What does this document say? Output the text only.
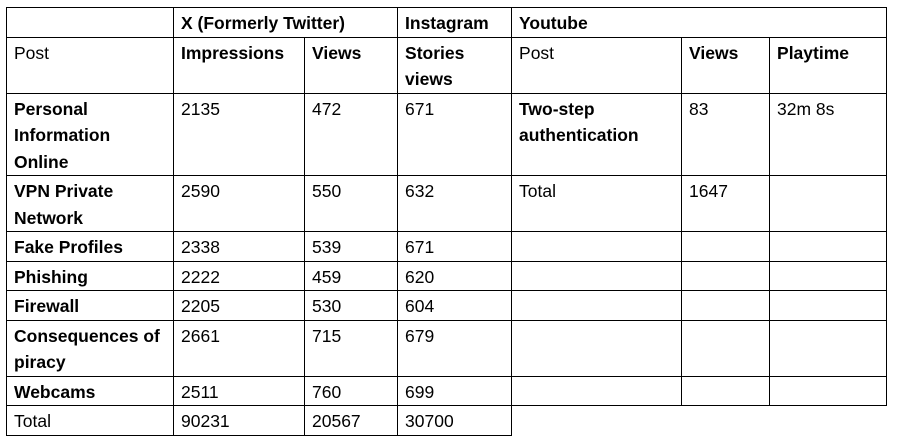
	X (Formerly Twitter)		Instagram	Youtube		
Post	Impressions	Views	Stories views	Post	Views	Playtime
Personal Information Online	2135	472	671	Two-step authentication	83	32m 8s
VPN Private Network	2590	550	632	Total	1647	
Fake Profiles	2338	539	671			
Phishing	2222	459	620			
Firewall	2205	530	604			
Consequences of piracy	2661	715	679			
Webcams	2511	760	699			
Total	90231	20567	30700			
